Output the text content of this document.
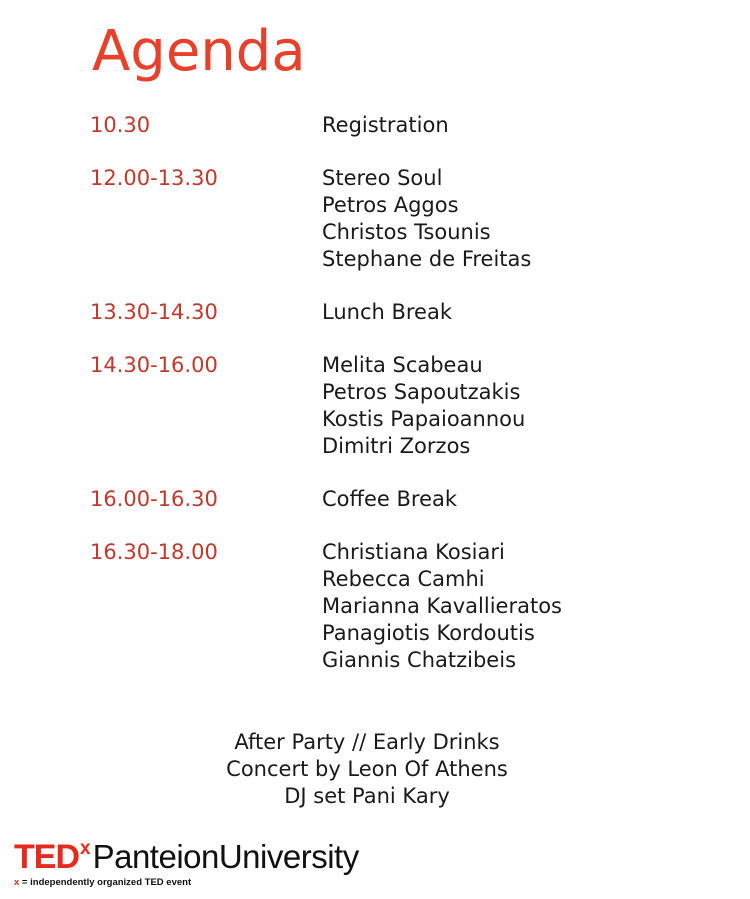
Agenda
10.30	Registration
12.00-13.30	Stereo Soul
Petros Aggos
Christos Tsounis
Stephane de Freitas
13.30-14.30	Lunch Break
14.30-16.00	Melita Scabeau
Petros Sapoutzakis
Kostis Papaioannou
Dimitri Zorzos
16.00-16.30	Coffee Break
16.30-18.00	Christiana Kosiari
Rebecca Camhi
Marianna Kavallieratos
Panagiotis Kordoutis
Giannis Chatzibeis
After Party // Early Drinks
Concert by Leon Of Athens
DJ set Pani Kary
TED x PanteionUniversity
x = independently organized TED event
